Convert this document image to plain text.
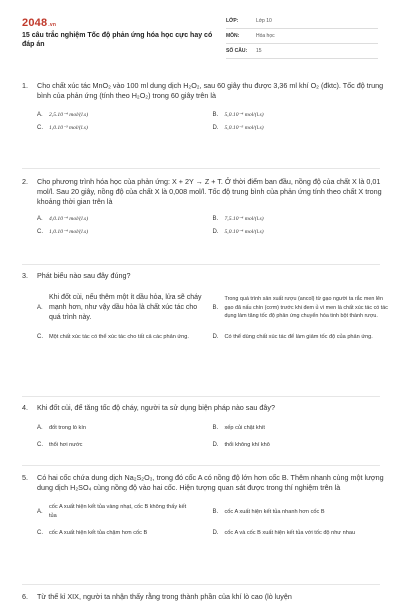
2048.vn
15 câu trắc nghiệm Tốc độ phản ứng hóa học cực hay có đáp án
LỚP:	Lớp 10
MÔN:	Hóa học
SỐ CÂU:	15
1.	Cho chất xúc tác MnO₂ vào 100 ml dung dịch H₂O₂, sau 60 giây thu được 3,36 ml khí O₂ (đktc). Tốc độ trung bình của phản ứng (tính theo H₂O₂) trong 60 giây trên là
A.	2,5.10⁻⁴ mol/(l.s)	B.	5,0.10⁻⁴ mol/(l.s)
C.	1,0.10⁻³ mol/(l.s)	D.	5,0.10⁻⁵ mol/(l.s)
2.	Cho phương trình hóa học của phản ứng: X + 2Y → Z + T. Ở thời điểm ban đầu, nồng độ của chất X là 0,01 mol/l. Sau 20 giây, nồng độ của chất X là 0,008 mol/l. Tốc độ trung bình của phản ứng tính theo chất X trong khoảng thời gian trên là
A.	4,0.10⁻⁴ mol/(l.s)	B.	7,5.10⁻⁴ mol/(l.s)
C.	1,0.10⁻⁴ mol/(l.s)	D.	5,0.10⁻⁴ mol/(l.s)
3.	Phát biểu nào sau đây đúng?
A.
Khi đốt củi, nếu thêm một ít dầu hỏa, lửa sẽ cháy mạnh hơn, như vậy dầu hỏa là chất xúc tác cho quá trình này.
B.
Trong quá trình sản xuất rượu (ancol) từ gạo người ta rắc men lên gạo đã nấu chín (cơm) trước khi đem ủ vì men là chất xúc tác có tác dụng làm tăng tốc độ phản ứng chuyển hóa tinh bột thành rượu.
C.	Một chất xúc tác có thể xúc tác cho tất cả các phản ứng.	D.	Có thể dùng chất xúc tác để làm giảm tốc độ của phản ứng.
4.	Khi đốt củi, để tăng tốc độ cháy, người ta sử dụng biện pháp nào sau đây?
A.	đốt trong lò kín	B.	xếp củi chặt khít
C.	thổi hơi nước	D.	thổi không khí khô
5.	Có hai cốc chứa dung dịch Na₂S₂O₃, trong đó cốc A có nồng độ lớn hơn cốc B. Thêm nhanh cùng một lượng dung dịch H₂SO₄ cùng nồng độ vào hai cốc. Hiện tượng quan sát được trong thí nghiệm trên là
A.
cốc A xuất hiện kết tủa vàng nhạt, cốc B không thấy kết tủa
B.	cốc A xuất hiện kết tủa nhanh hơn cốc B
C.	cốc A xuất hiện kết tủa chậm hơn cốc B	D.	cốc A và cốc B xuất hiện kết tủa với tốc độ như nhau
6.	Từ thế kỉ XIX, người ta nhận thấy rằng trong thành phần của khí lò cao (lò luyện
